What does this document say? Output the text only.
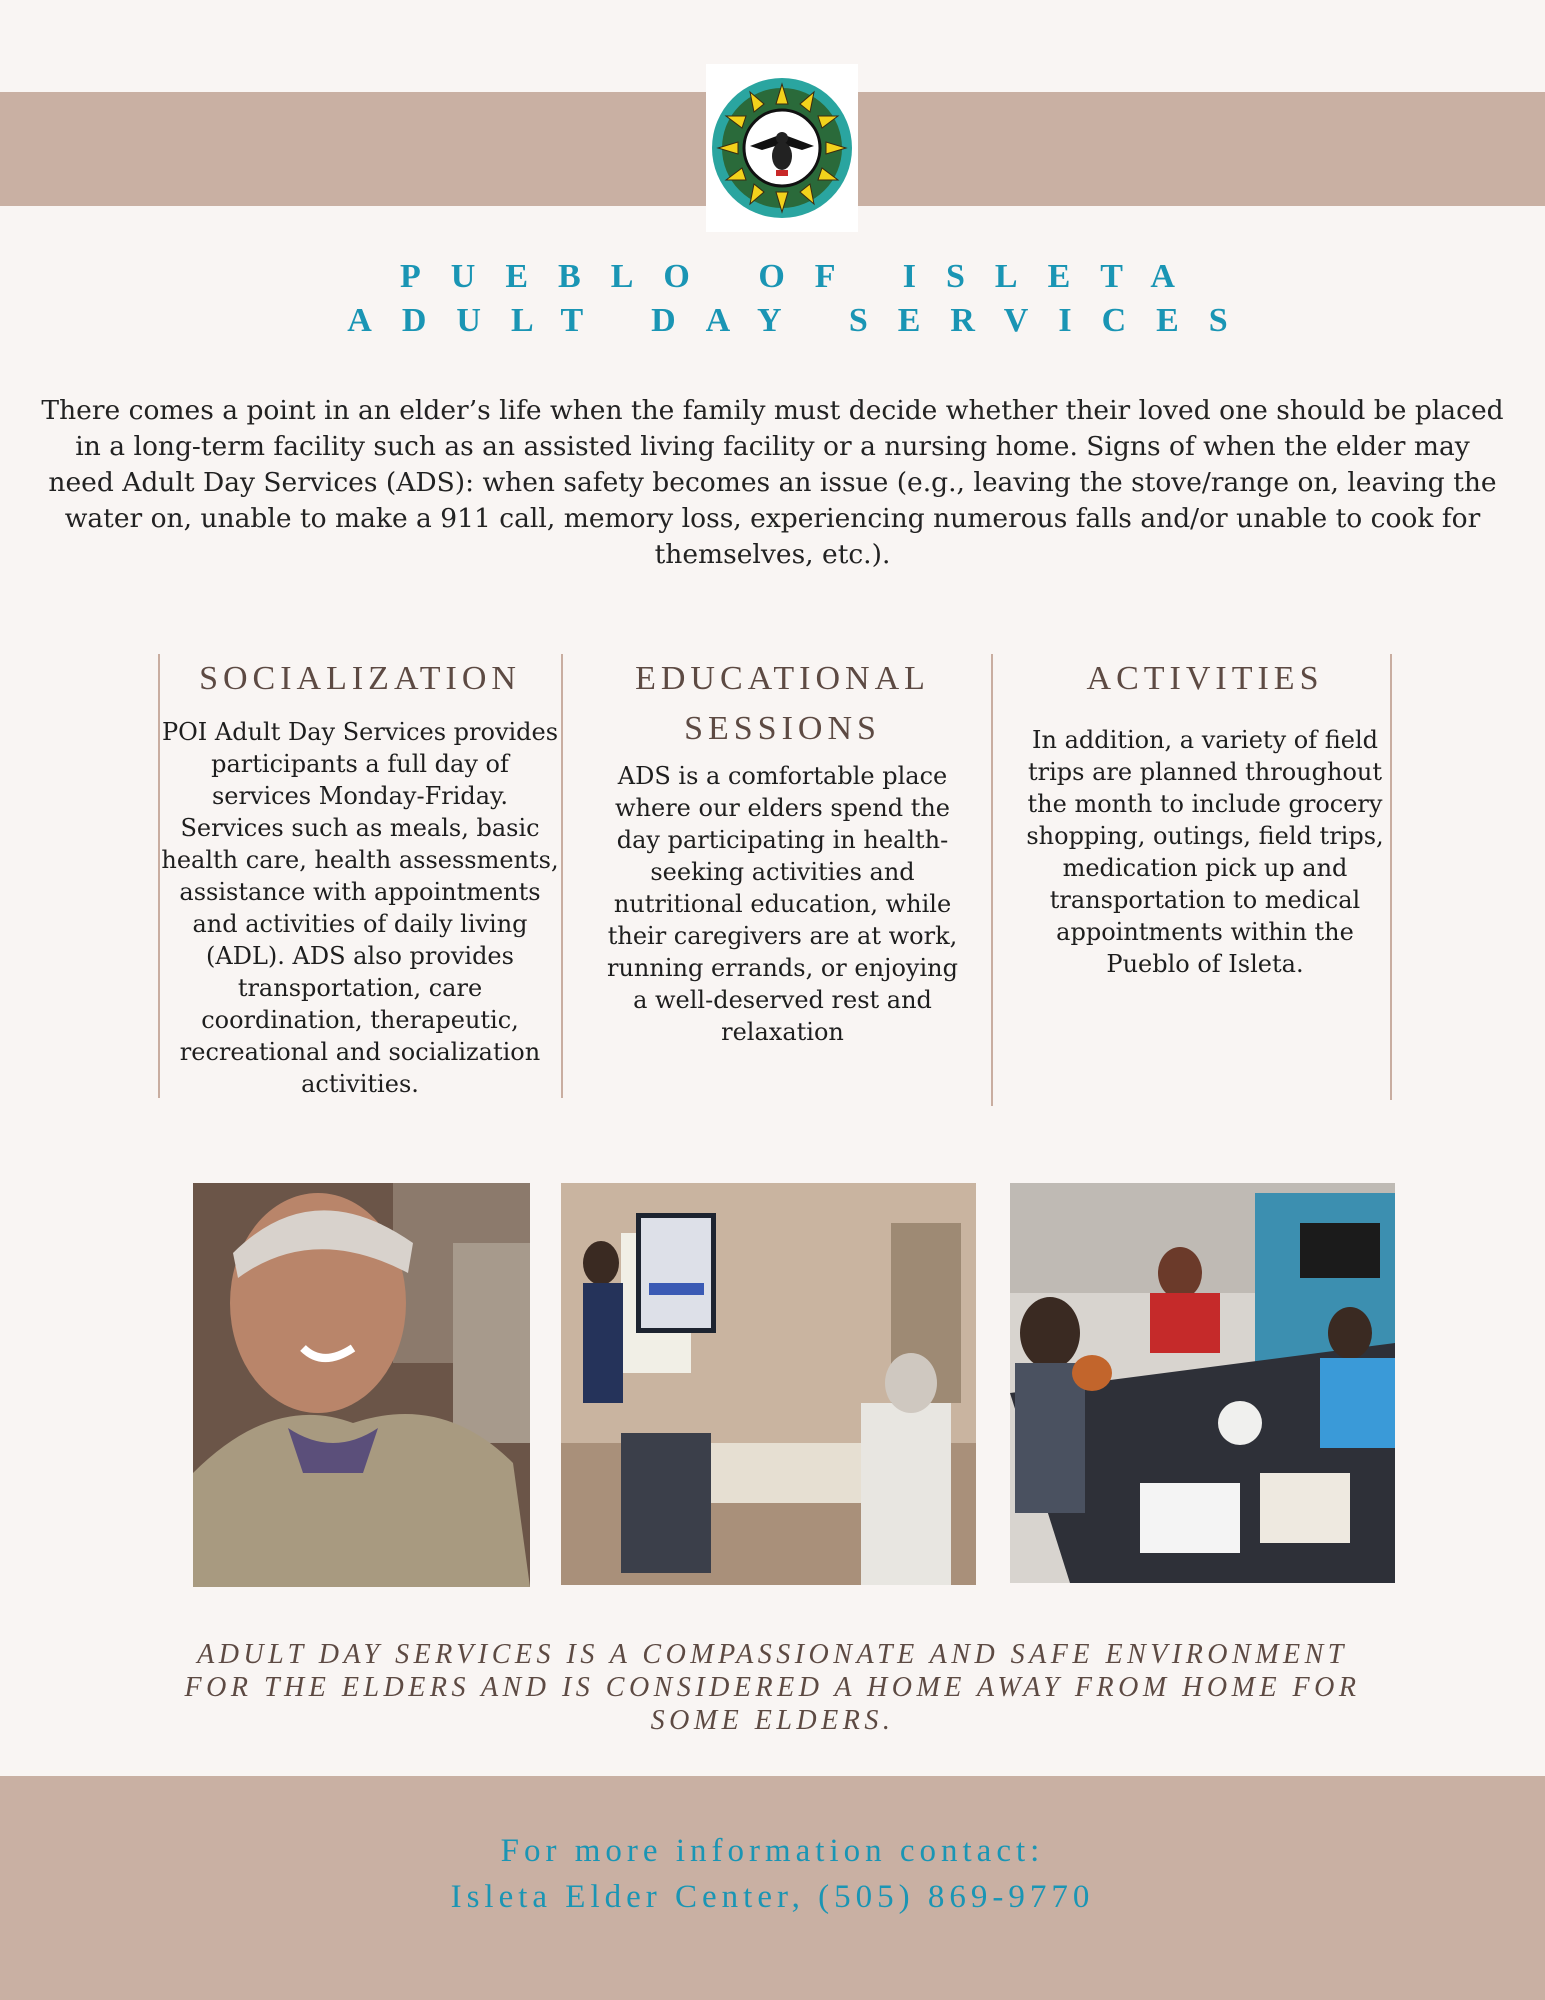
PUEBLO OF ISLETA
ADULT DAY SERVICES

There comes a point in an elder’s life when the family must decide whether their loved one should be placed in a long-term facility such as an assisted living facility or a nursing home. Signs of when the elder may need Adult Day Services (ADS): when safety becomes an issue (e.g., leaving the stove/range on, leaving the water on, unable to make a 911 call, memory loss, experiencing numerous falls and/or unable to cook for themselves, etc.).

SOCIALIZATION

POI Adult Day Services provides participants a full day of services Monday-Friday. Services such as meals, basic health care, health assessments, assistance with appointments and activities of daily living (ADL). ADS also provides transportation, care coordination, therapeutic, recreational and socialization activities.

EDUCATIONAL SESSIONS

ADS is a comfortable place where our elders spend the day participating in health-seeking activities and nutritional education, while their caregivers are at work, running errands, or enjoying a well-deserved rest and relaxation

ACTIVITIES

In addition, a variety of field trips are planned throughout the month to include grocery shopping, outings, field trips, medication pick up and transportation to medical appointments within the Pueblo of Isleta.

ADULT DAY SERVICES IS A COMPASSIONATE AND SAFE ENVIRONMENT FOR THE ELDERS AND IS CONSIDERED A HOME AWAY FROM HOME FOR SOME ELDERS.

For more information contact:

Isleta Elder Center, (505) 869-9770
